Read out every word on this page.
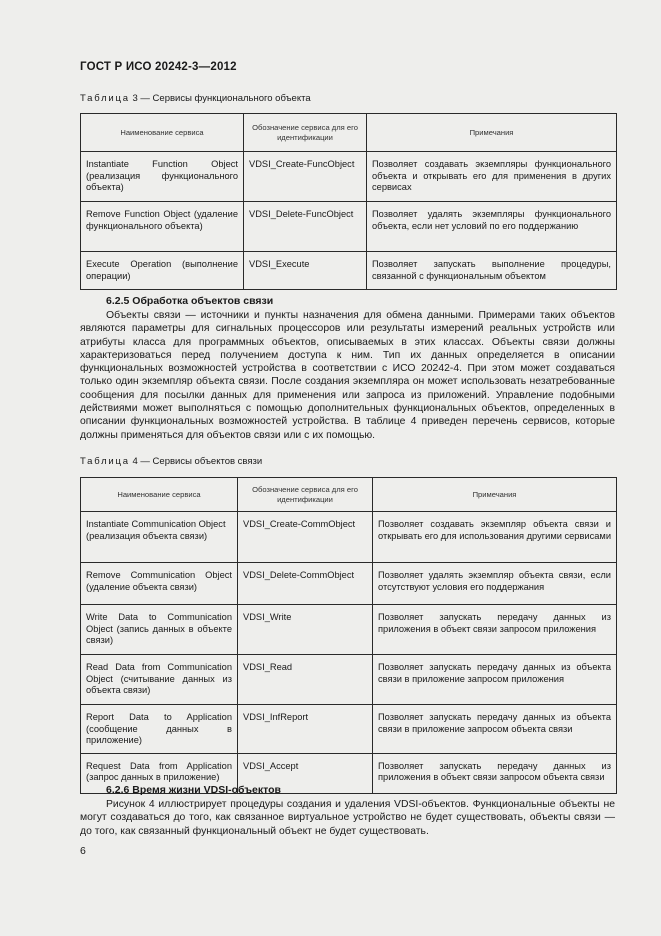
ГОСТ Р ИСО 20242-3—2012
Таблица 3 — Сервисы функционального объекта
Наименование сервиса	Обозначение сервиса для его идентификации	Примечания
Instantiate Function Object (реализация функционального объекта)	VDSI_Create-FuncObject	Позволяет создавать экземпляры функционального объекта и открывать его для применения в других сервисах
Remove Function Object (удаление функционального объекта)	VDSI_Delete-FuncObject	Позволяет удалять экземпляры функционального объекта, если нет условий по его поддержанию
Execute Operation (выполнение операции)	VDSI_Execute	Позволяет запускать выполнение процедуры, связанной с функциональным объектом
6.2.5 Обработка объектов связи
Объекты связи — источники и пункты назначения для обмена данными. Примерами таких объектов являются параметры для сигнальных процессоров или результаты измерений реальных устройств или атрибуты класса для программных объектов, описываемых в этих классах. Объекты связи должны характеризоваться перед получением доступа к ним. Тип их данных определяется в описании функциональных возможностей устройства в соответствии с ИСО 20242-4. При этом может создаваться только один экземпляр объекта связи. После создания экземпляра он может использовать незатребованные сообщения для посылки данных для применения или запроса из приложений. Управление подобными действиями может выполняться с помощью дополнительных функциональных объектов, определенных в описании функциональных возможностей устройства. В таблице 4 приведен перечень сервисов, которые должны применяться для объектов связи или с их помощью.
Таблица 4 — Сервисы объектов связи
Наименование сервиса	Обозначение сервиса для его идентификации	Примечания
Instantiate Communication Object (реализация объекта связи)	VDSI_Create-CommObject	Позволяет создавать экземпляр объекта связи и открывать его для использования другими сервисами
Remove Communication Object (удаление объекта связи)	VDSI_Delete-CommObject	Позволяет удалять экземпляр объекта связи, если отсутствуют условия его поддержания
Write Data to Communication Object (запись данных в объекте связи)	VDSI_Write	Позволяет запускать передачу данных из приложения в объект связи запросом приложения
Read Data from Communication Object (считывание данных из объекта связи)	VDSI_Read	Позволяет запускать передачу данных из объекта связи в приложение запросом приложения
Report Data to Application (сообщение данных в приложение)	VDSI_InfReport	Позволяет запускать передачу данных из объекта связи в приложение запросом объекта связи
Request Data from Application (запрос данных в приложение)	VDSI_Accept	Позволяет запускать передачу данных из приложения в объект связи запросом объекта связи
6.2.6 Время жизни VDSI-объектов
Рисунок 4 иллюстрирует процедуры создания и удаления VDSI-объектов. Функциональные объекты не могут создаваться до того, как связанное виртуальное устройство не будет существовать, объекты связи — до того, как связанный функциональный объект не будет существовать.
6
